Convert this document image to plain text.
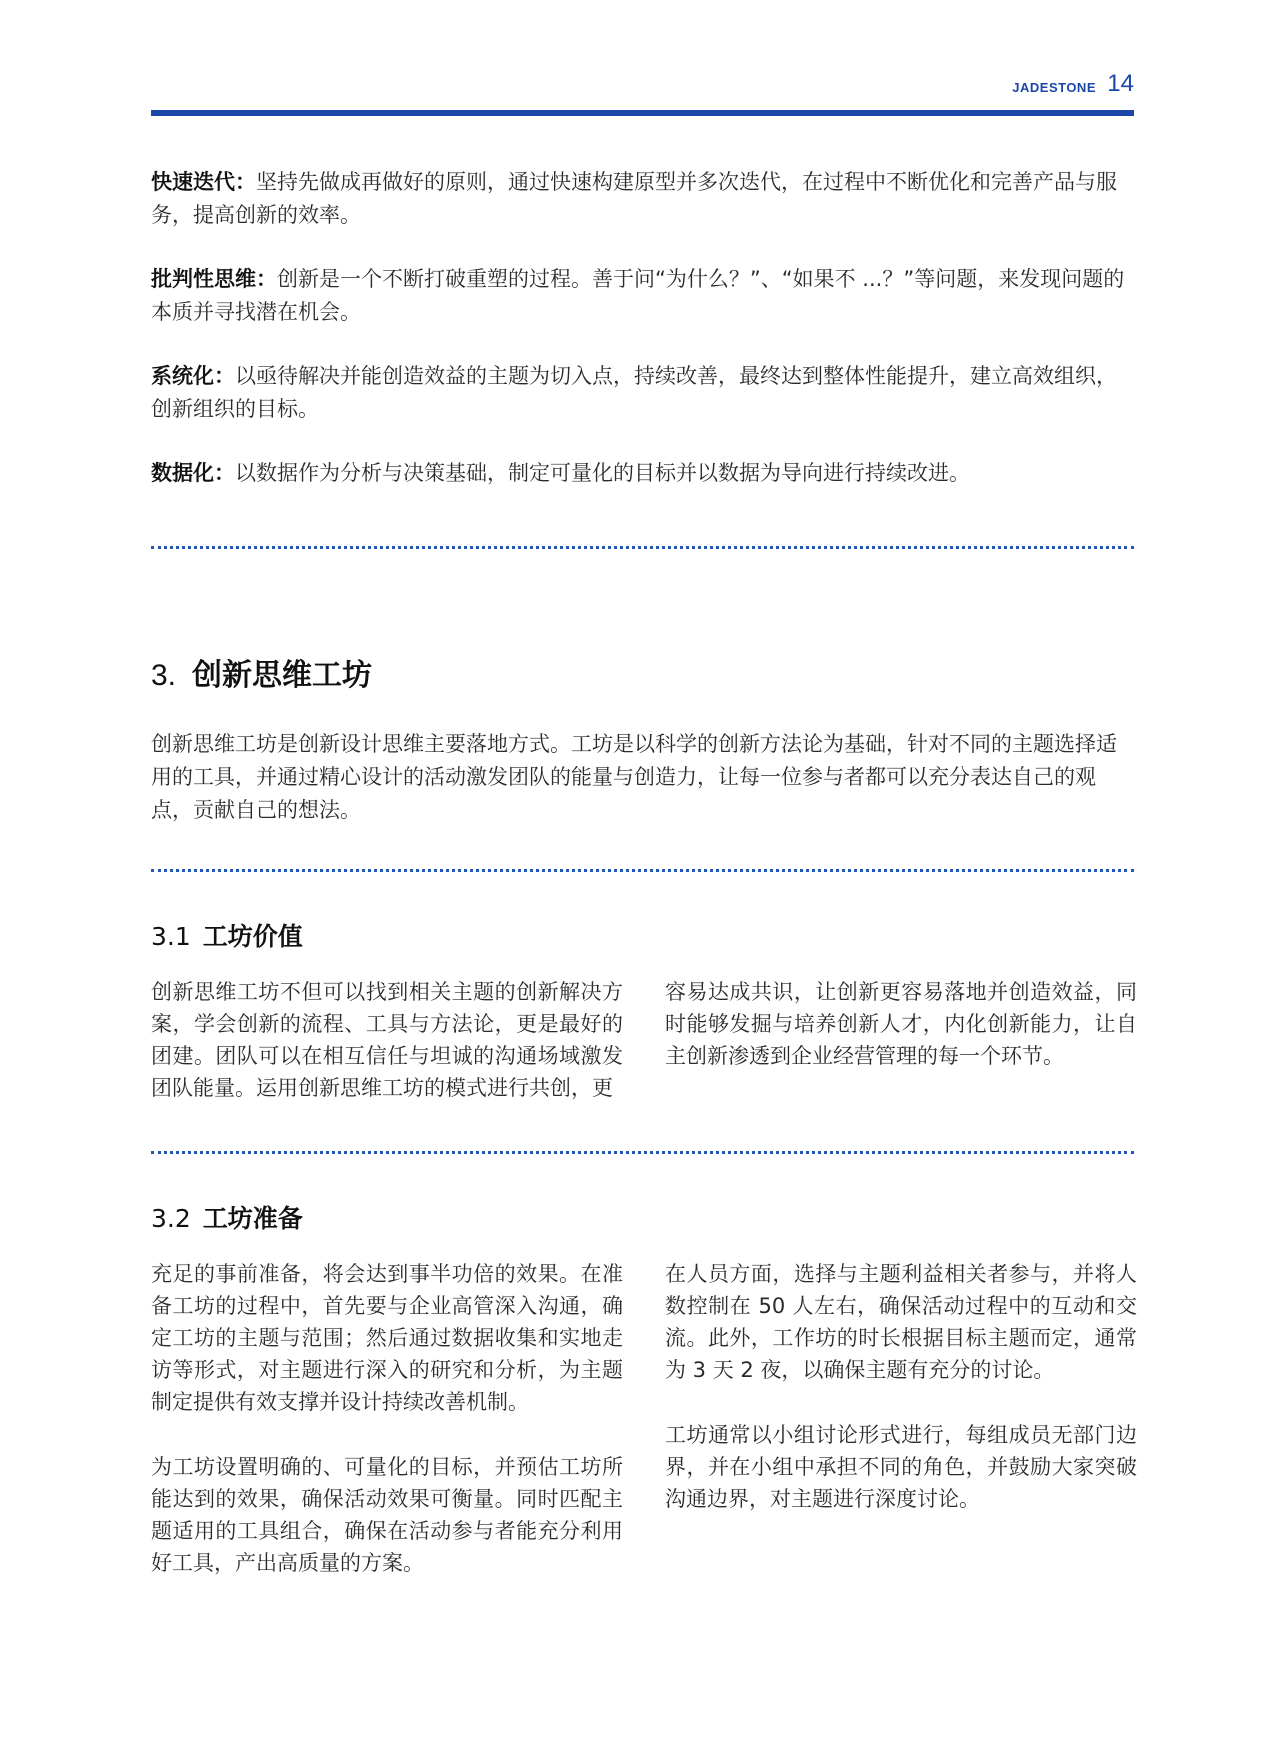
JADESTONE 14

快速迭代：坚持先做成再做好的原则，通过快速构建原型并多次迭代，在过程中不断优化和完善产品与服务，提高创新的效率。

批判性思维：创新是一个不断打破重塑的过程。善于问“为什么？”、“如果不 ...？”等问题，来发现问题的本质并寻找潜在机会。

系统化：以亟待解决并能创造效益的主题为切入点，持续改善，最终达到整体性能提升，建立高效组织，创新组织的目标。

数据化：以数据作为分析与决策基础，制定可量化的目标并以数据为导向进行持续改进。

3. 创新思维工坊

创新思维工坊是创新设计思维主要落地方式。工坊是以科学的创新方法论为基础，针对不同的主题选择适用的工具，并通过精心设计的活动激发团队的能量与创造力，让每一位参与者都可以充分表达自己的观点，贡献自己的想法。

3.1 工坊价值

创新思维工坊不但可以找到相关主题的创新解决方案，学会创新的流程、工具与方法论，更是最好的团建。团队可以在相互信任与坦诚的沟通场域激发团队能量。运用创新思维工坊的模式进行共创，更

容易达成共识，让创新更容易落地并创造效益，同时能够发掘与培养创新人才，内化创新能力，让自主创新渗透到企业经营管理的每一个环节。

3.2 工坊准备

充足的事前准备，将会达到事半功倍的效果。在准备工坊的过程中，首先要与企业高管深入沟通，确定工坊的主题与范围；然后通过数据收集和实地走访等形式，对主题进行深入的研究和分析，为主题制定提供有效支撑并设计持续改善机制。

为工坊设置明确的、可量化的目标，并预估工坊所能达到的效果，确保活动效果可衡量。同时匹配主题适用的工具组合，确保在活动参与者能充分利用好工具，产出高质量的方案。

在人员方面，选择与主题利益相关者参与，并将人数控制在 50 人左右，确保活动过程中的互动和交流。此外，工作坊的时长根据目标主题而定，通常为 3 天 2 夜，以确保主题有充分的讨论。

工坊通常以小组讨论形式进行，每组成员无部门边界，并在小组中承担不同的角色，并鼓励大家突破沟通边界，对主题进行深度讨论。
